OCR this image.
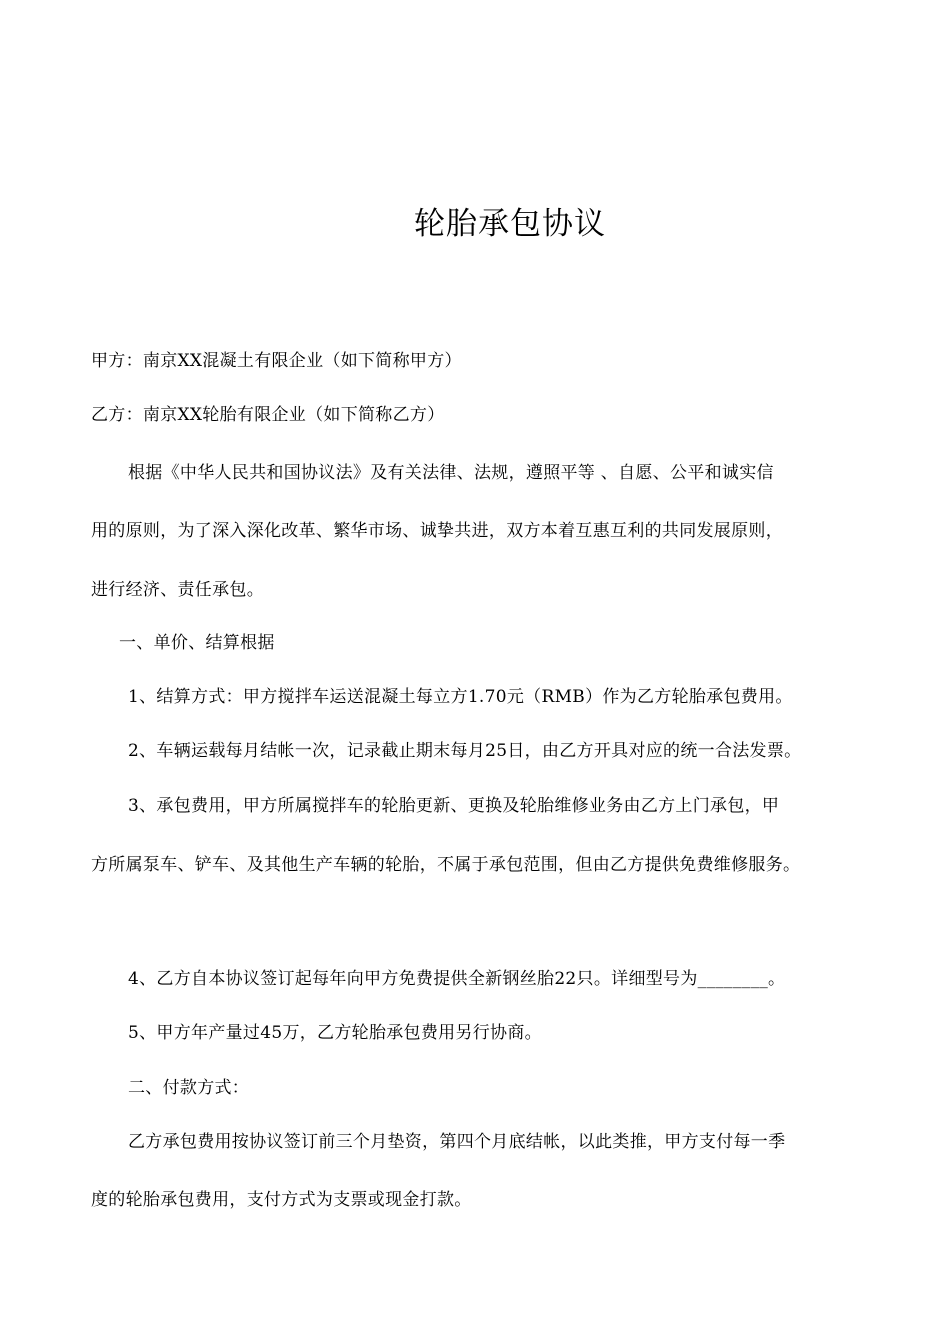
轮胎承包协议
甲方：南京XX混凝土有限企业（如下简称甲方）
乙方：南京XX轮胎有限企业（如下简称乙方）
根据《中华人民共和国协议法》及有关法律、法规，遵照平等 、自愿、公平和诚实信
用的原则，为了深入深化改革、繁华市场、诚挚共进，双方本着互惠互利的共同发展原则，
进行经济、责任承包。
一、单价、结算根据
1、结算方式：甲方搅拌车运送混凝土每立方1.70元（RMB）作为乙方轮胎承包费用。
2、车辆运载每月结帐一次，记录截止期末每月25日，由乙方开具对应的统一合法发票。
3、承包费用，甲方所属搅拌车的轮胎更新、更换及轮胎维修业务由乙方上门承包，甲
方所属泵车、铲车、及其他生产车辆的轮胎，不属于承包范围，但由乙方提供免费维修服务。
4、乙方自本协议签订起每年向甲方免费提供全新钢丝胎22只。详细型号为________。
5、甲方年产量过45万，乙方轮胎承包费用另行协商。
二、付款方式：
乙方承包费用按协议签订前三个月垫资，第四个月底结帐，以此类推，甲方支付每一季
度的轮胎承包费用，支付方式为支票或现金打款。
